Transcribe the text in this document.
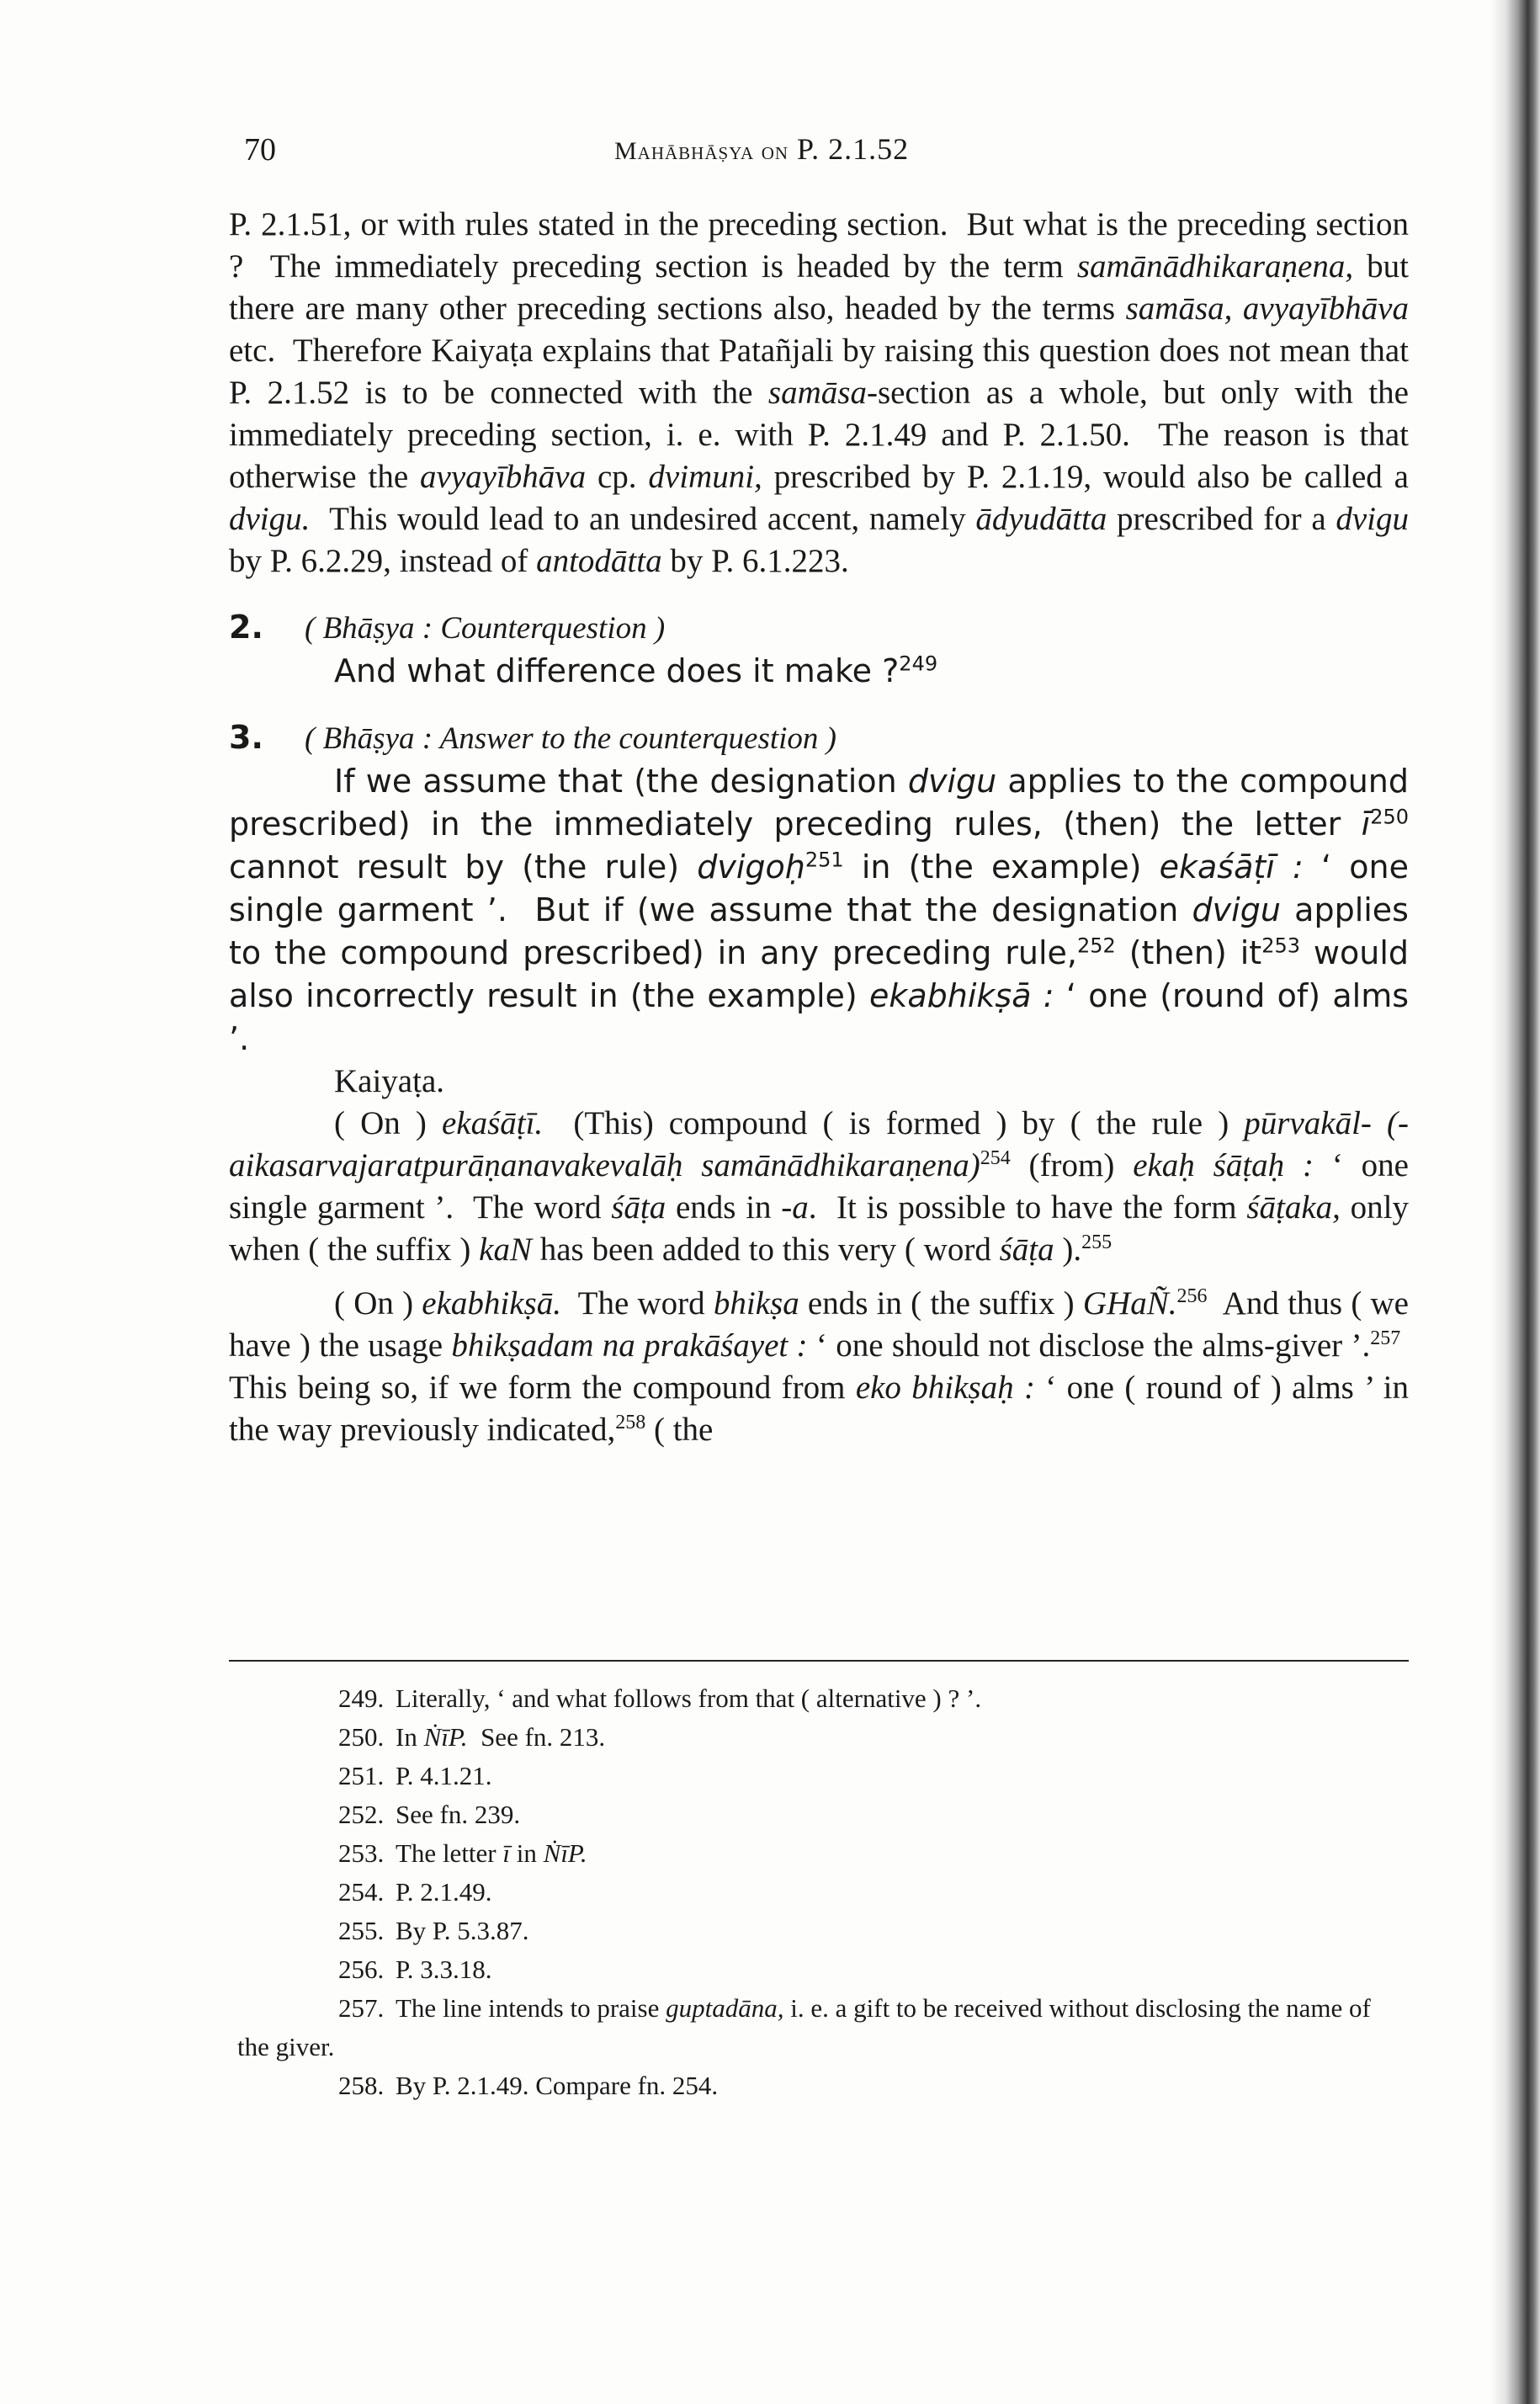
70	Mahābhāṣya on P. 2.1.52

P. 2.1.51, or with rules stated in the preceding section.  But what is the preceding section ?  The immediately preceding section is headed by the term samānādhikaraṇena, but there are many other preceding sections also, headed by the terms samāsa, avyayībhāva etc.  Therefore Kaiyaṭa explains that Patañjali by raising this question does not mean that P. 2.1.52 is to be connected with the samāsa-section as a whole, but only with the immediately preceding section, i. e. with P. 2.1.49 and P. 2.1.50.  The reason is that otherwise the avyayībhāva cp. dvimuni, prescribed by P. 2.1.19, would also be called a dvigu.  This would lead to an undesired accent, namely ādyudātta prescribed for a dvigu by P. 6.2.29, instead of antodātta by P. 6.1.223.

2. ( Bhāṣya : Counterquestion )

And what difference does it make ?$^{249}$

3. ( Bhāṣya : Answer to the counterquestion )

If we assume that (the designation dvigu applies to the compound prescribed) in the immediately preceding rules, (then) the letter $ī^{250}$ cannot result by (the rule) dvigoḥ$^{251}$ in (the example) ekaśāṭī : ‘ one single garment ’.  But if (we assume that the designation dvigu applies to the compound prescribed) in any preceding rule,$^{252}$ (then) $it^{253}$ would also incorrectly result in (the example) ekabhikṣā : ‘ one (round of) alms ’.

Kaiyaṭa.

( On ) ekaśāṭī.  (This) compound ( is formed ) by ( the rule ) pūrvakāl- (-aikasarvajaratpurāṇanavakevalāḥ samānādhikaraṇena)$^{254}$ (from) ekaḥ śāṭaḥ : ‘ one single garment ’.  The word śāṭa ends in -a.  It is possible to have the form śāṭaka, only when ( the suffix ) kaN has been added to this very ( word śāṭa ).$^{255}$

( On ) ekabhikṣā.  The word bhikṣa ends in ( the suffix ) GHaÑ.$^{256}$  And thus ( we have ) the usage bhikṣadam na prakāśayet : ‘ one should not disclose the alms-giver ’.$^{257}$  This being so, if we form the compound from eko bhikṣaḥ : ‘ one ( round of ) alms ’ in the way previously indicated,$^{258}$ ( the

249. Literally, ‘ and what follows from that ( alternative ) ? ’.
250. In ṄīP. See fn. 213.
251. P. 4.1.21.
252. See fn. 239.
253. The letter ī in ṄīP.
254. P. 2.1.49.
255. By P. 5.3.87.
256. P. 3.3.18.
257. The line intends to praise guptadāna, i. e. a gift to be received without disclosing the name of the giver.
258. By P. 2.1.49. Compare fn. 254.
